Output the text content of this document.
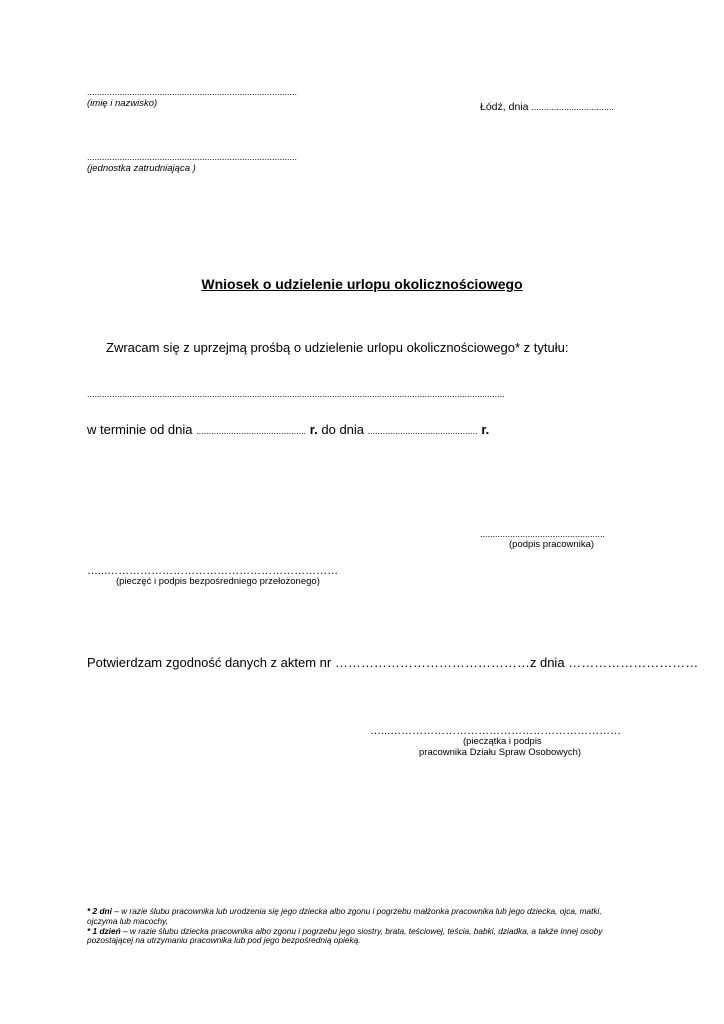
....................................................................................
(imię i nazwisko)	Łódź, dnia .................................
....................................................................................
(jednostka zatrudniająca )
Wniosek o udzielenie urlopu okolicznościowego
Zwracam się z uprzejmą prośbą o udzielenie urlopu okolicznościowego* z tytułu:
.......................................................................................................................................................................
w terminie od dnia ............................................ r. do dnia ............................................ r.
..................................................
(podpis pracownika)
…...………………………………………………………
(pieczęć i podpis bezpośredniego przełożonego)
Potwierdzam zgodność danych z aktem nr ………………………………………z dnia …………………………
…...………………………………………………………
(pieczątka i podpis
pracownika Działu Spraw Osobowych)
* 2 dni – w razie ślubu pracownika lub urodzenia się jego dziecka albo zgonu i pogrzebu małżonka pracownika lub jego dziecka, ojca, matki, ojczyma lub macochy,
* 1 dzień – w razie ślubu dziecka pracownika albo zgonu i pogrzebu jego siostry, brata, teściowej, teścia, babki, dziadka, a także innej osoby pozostającej na utrzymaniu pracownika lub pod jego bezpośrednią opieką.
